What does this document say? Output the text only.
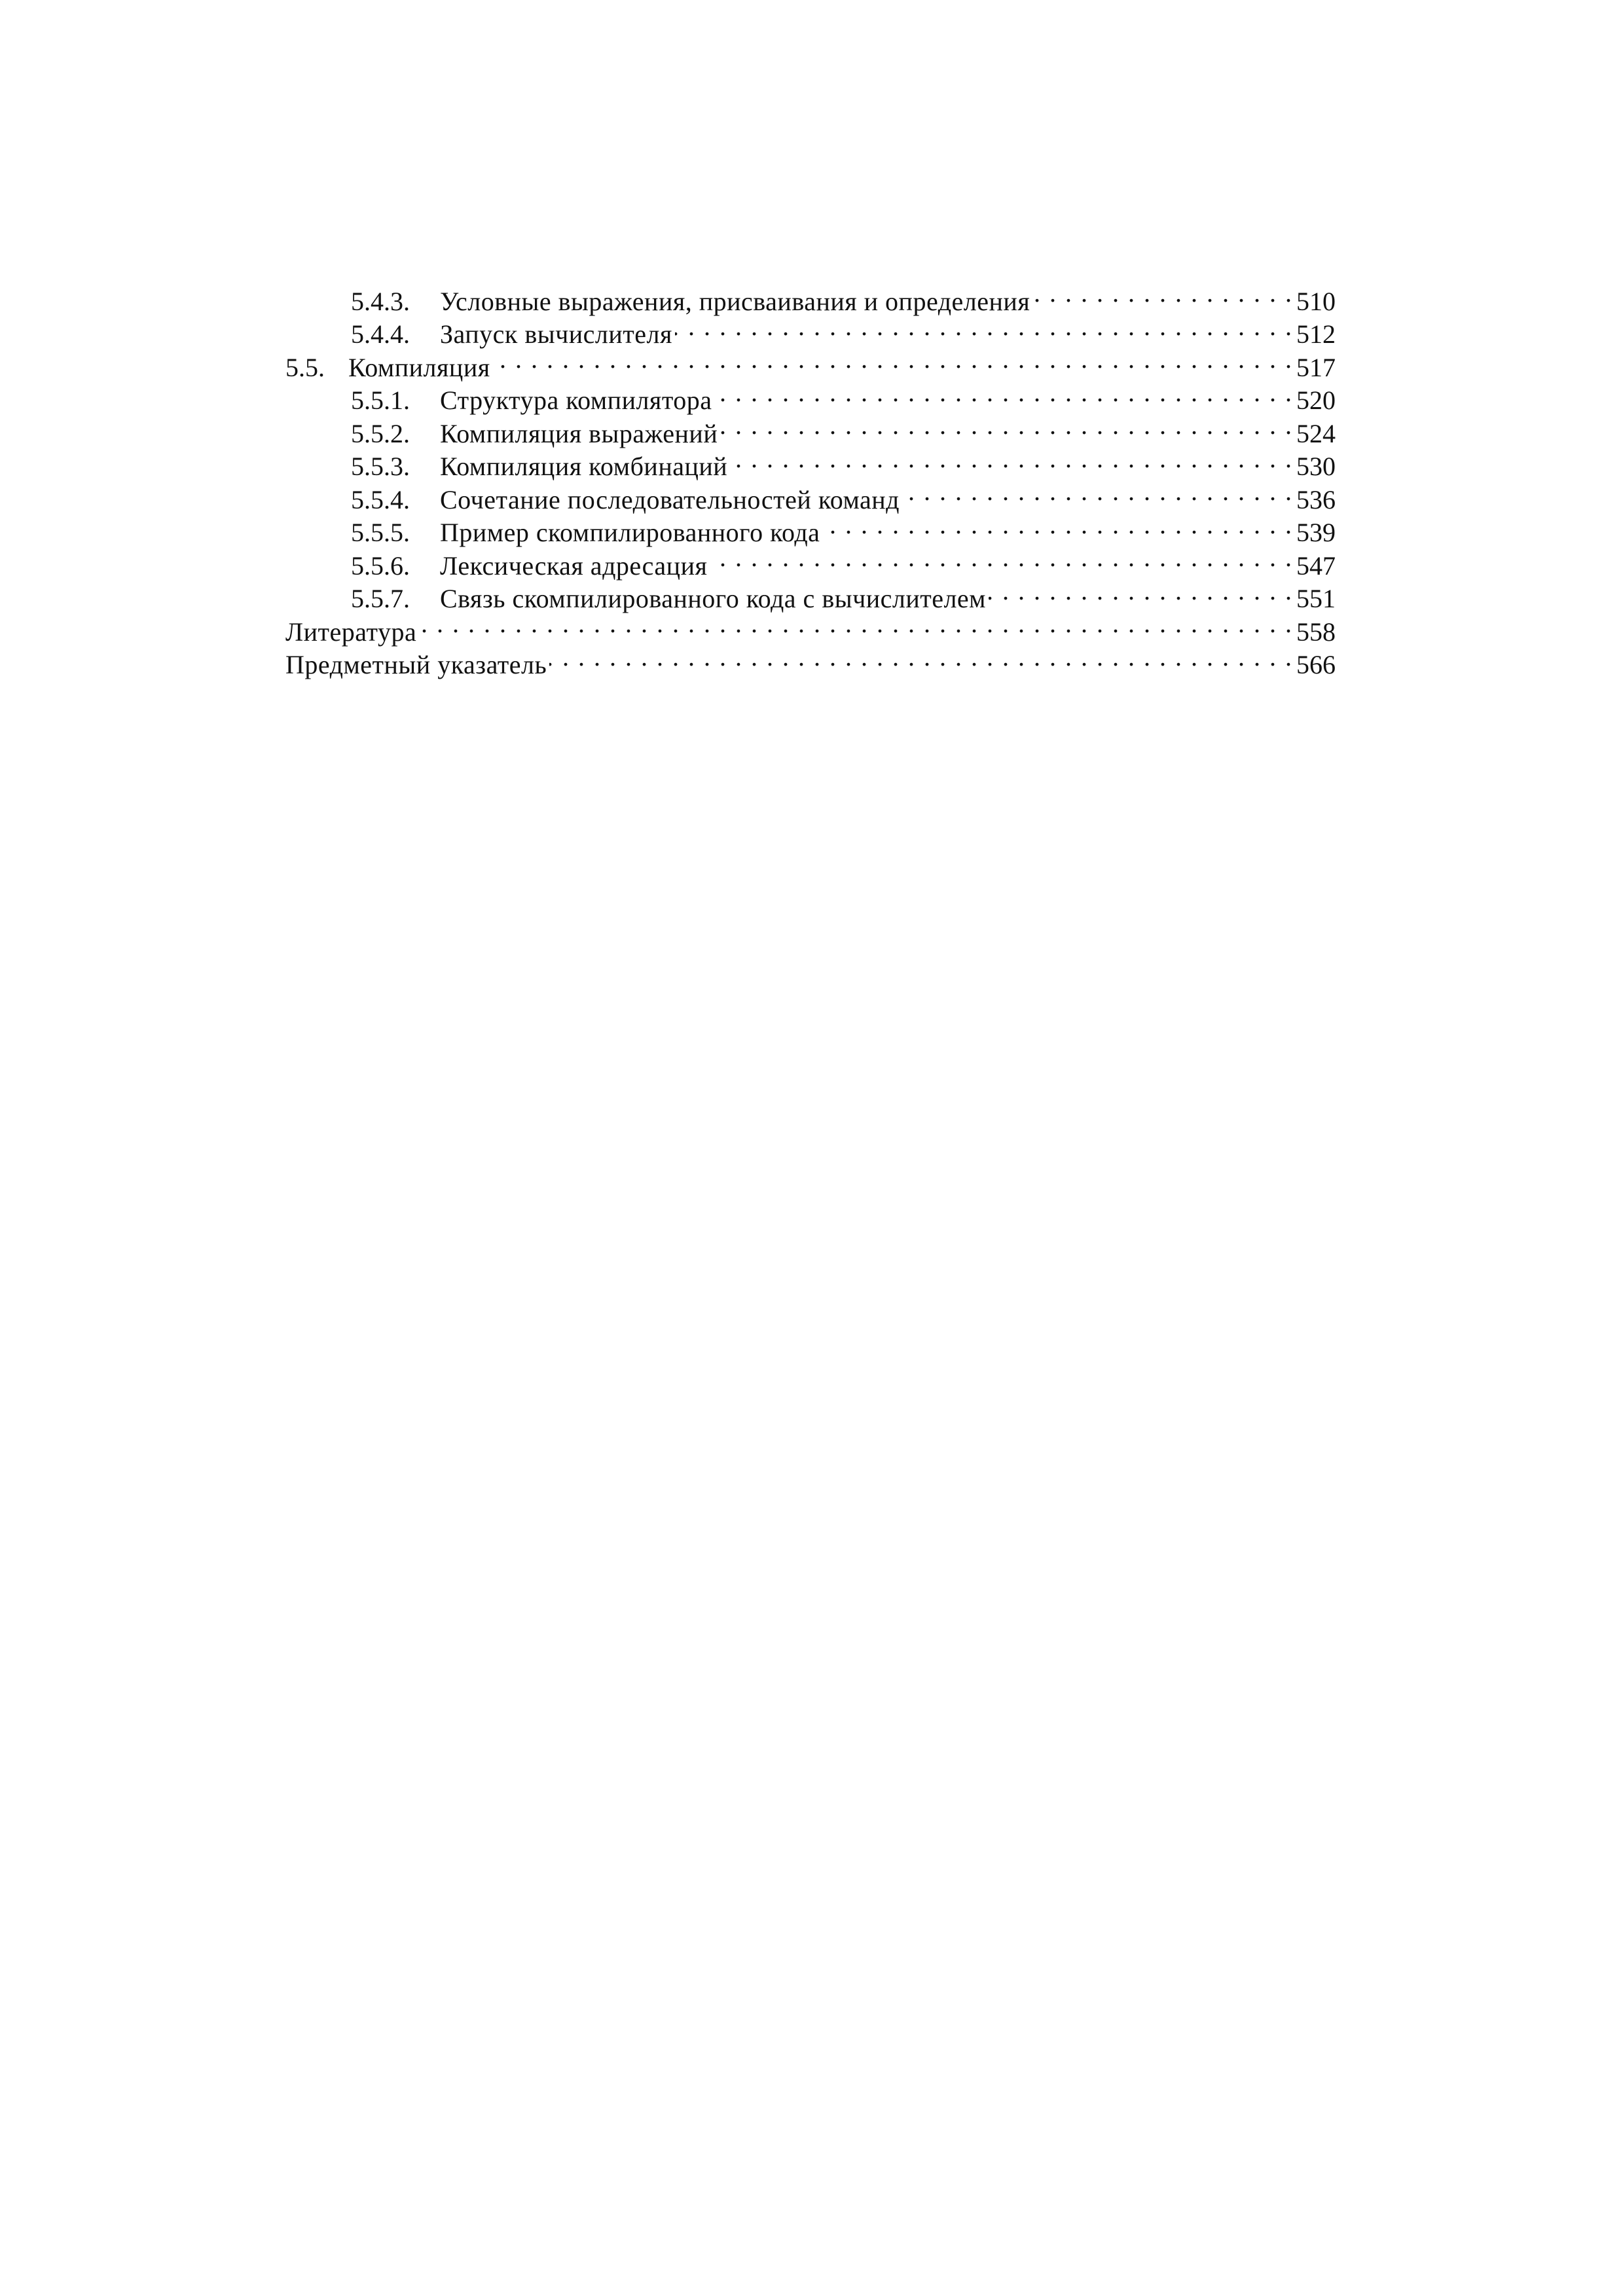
5.4.3.	Условные выражения, присваивания и определения . . .	510
5.4.4.	Запуск вычислителя . . .	512
5.5. Компиляция . . .	517
5.5.1.	Структура компилятора . . .	520
5.5.2.	Компиляция выражений . . .	524
5.5.3.	Компиляция комбинаций . . .	530
5.5.4.	Сочетание последовательностей команд . . .	536
5.5.5.	Пример скомпилированного кода . . .	539
5.5.6.	Лексическая адресация . . .	547
5.5.7.	Связь скомпилированного кода с вычислителем . . .	551
Литература . . .	558
Предметный указатель . . .	566
